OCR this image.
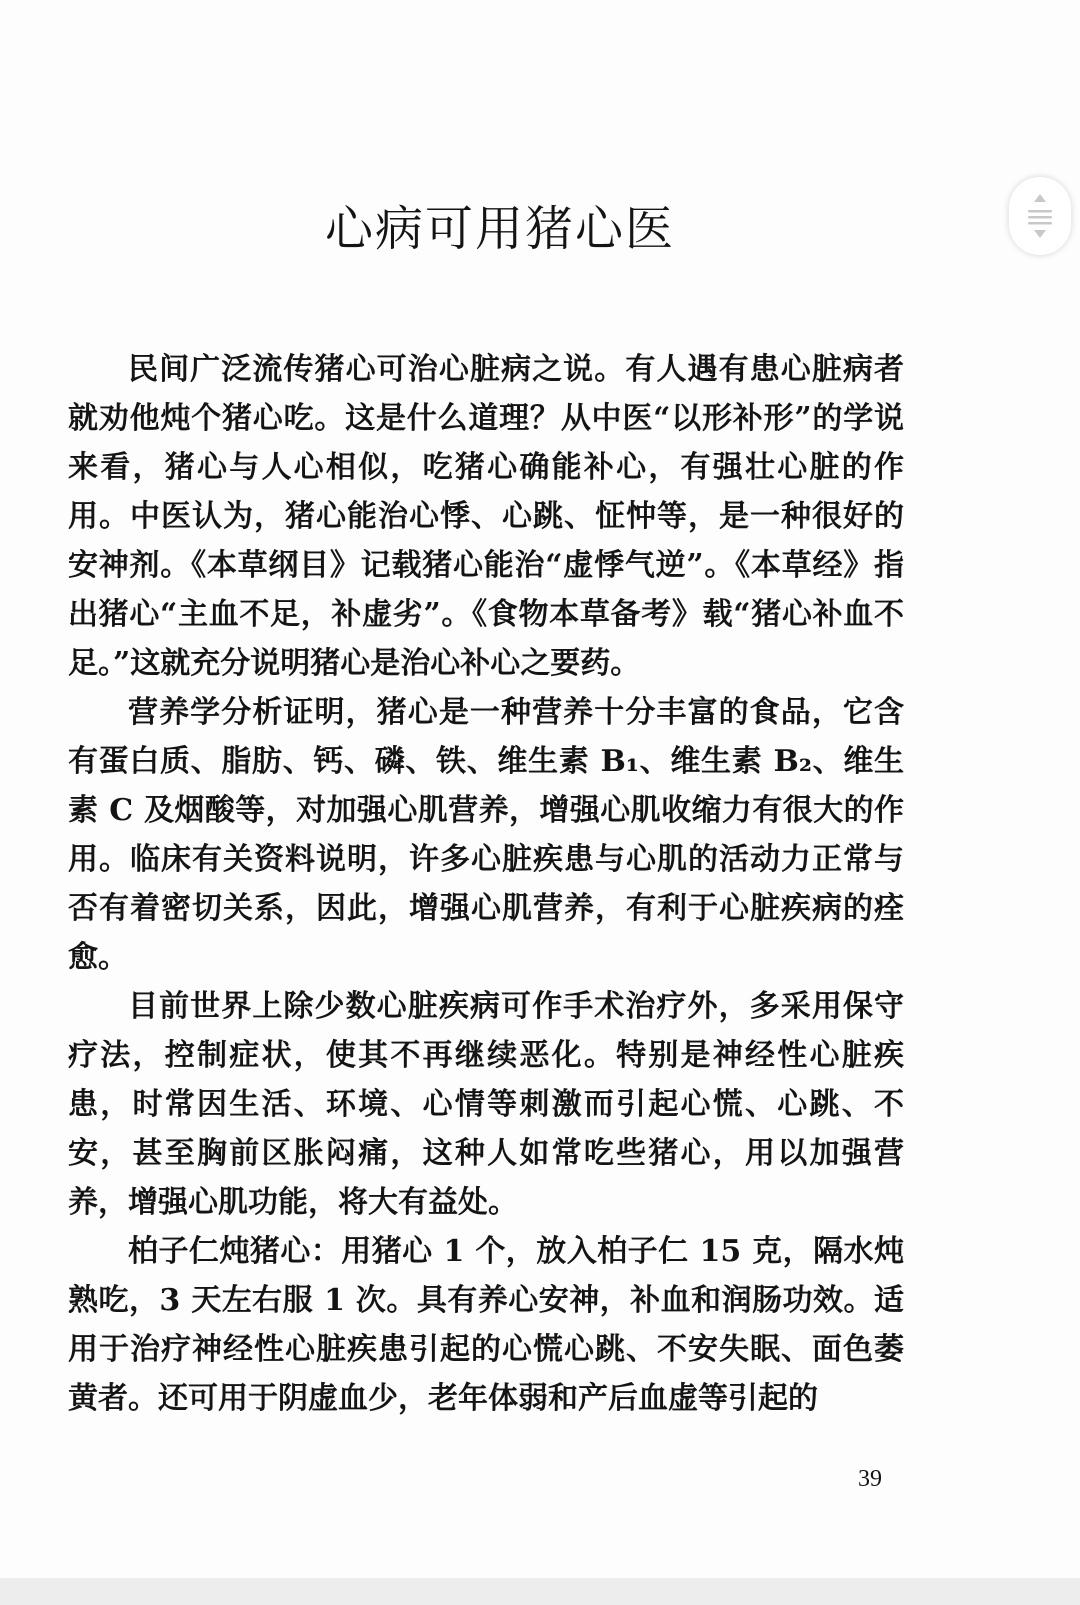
心病可用猪心医

民间广泛流传猪心可治心脏病之说。有人遇有患心脏病者就劝他炖个猪心吃。这是什么道理？从中医“以形补形”的学说来看，猪心与人心相似，吃猪心确能补心，有强壮心脏的作用。中医认为，猪心能治心悸、心跳、怔忡等，是一种很好的安神剂。《本草纲目》记载猪心能治“虚悸气逆”。《本草经》指出猪心“主血不足，补虚劣”。《食物本草备考》载“猪心补血不足。”这就充分说明猪心是治心补心之要药。

营养学分析证明，猪心是一种营养十分丰富的食品，它含有蛋白质、脂肪、钙、磷、铁、维生素 B₁、维生素 B₂、维生素 C 及烟酸等，对加强心肌营养，增强心肌收缩力有很大的作用。临床有关资料说明，许多心脏疾患与心肌的活动力正常与否有着密切关系，因此，增强心肌营养，有利于心脏疾病的痊愈。

目前世界上除少数心脏疾病可作手术治疗外，多采用保守疗法，控制症状，使其不再继续恶化。特别是神经性心脏疾患，时常因生活、环境、心情等刺激而引起心慌、心跳、不安，甚至胸前区胀闷痛，这种人如常吃些猪心，用以加强营养，增强心肌功能，将大有益处。

柏子仁炖猪心：用猪心 1 个，放入柏子仁 15 克，隔水炖熟吃，3 天左右服 1 次。具有养心安神，补血和润肠功效。适用于治疗神经性心脏疾患引起的心慌心跳、不安失眠、面色萎黄者。还可用于阴虚血少，老年体弱和产后血虚等引起的

39
